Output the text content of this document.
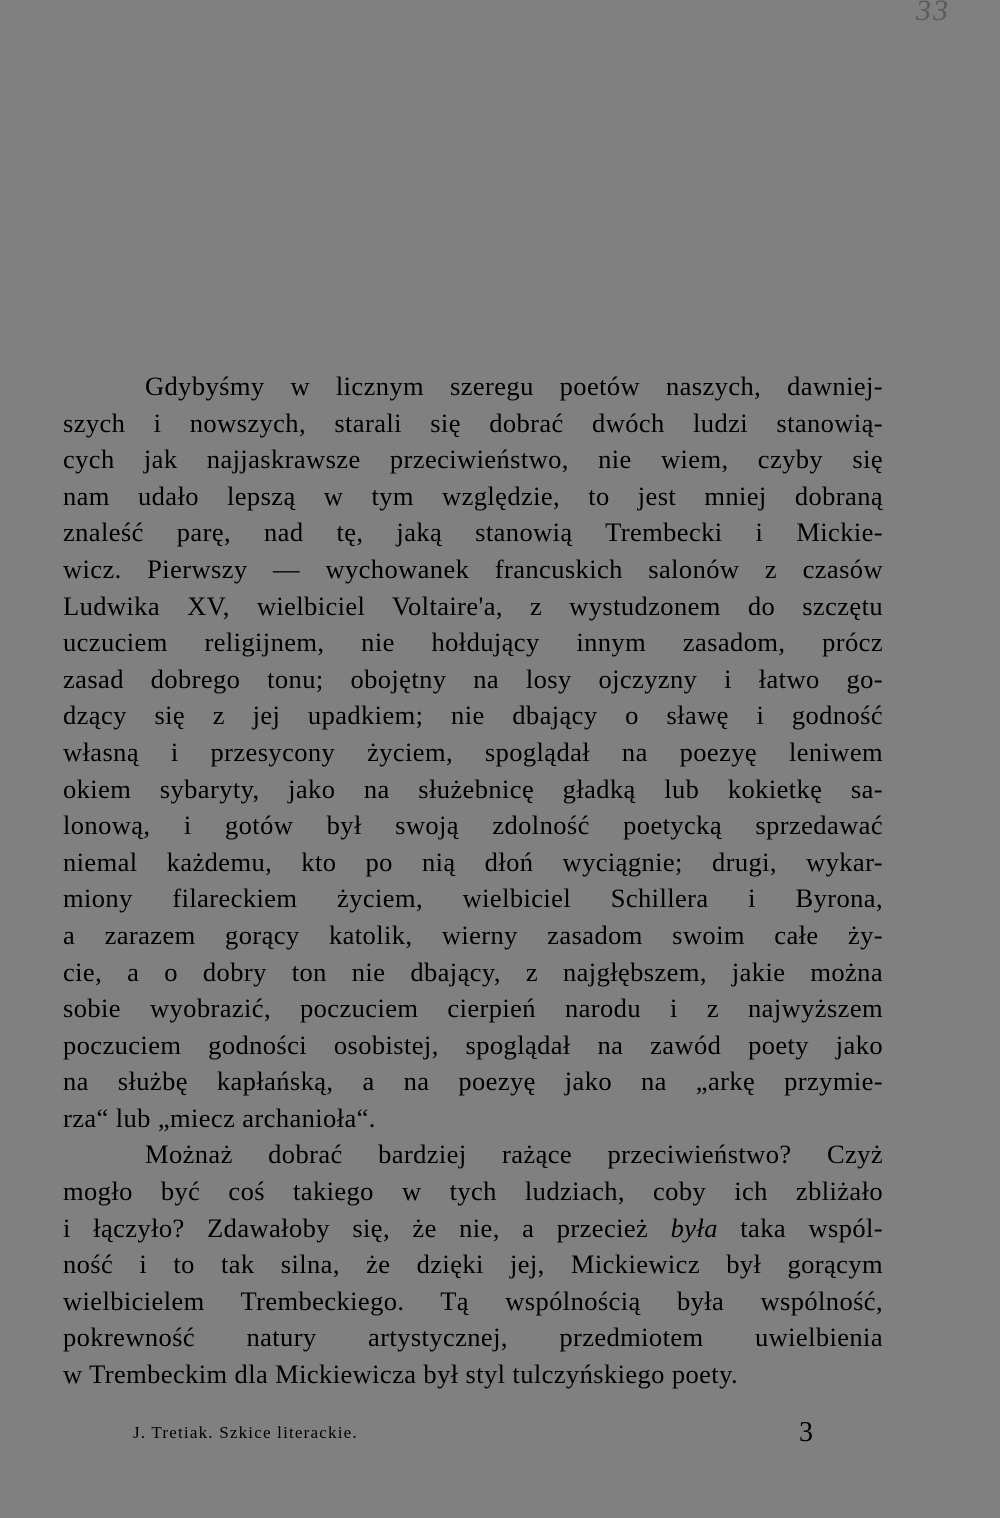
33
Gdybyśmy w licznym szeregu poetów naszych, dawniej-
szych i nowszych, starali się dobrać dwóch ludzi stanowią-
cych jak najjaskrawsze przeciwieństwo, nie wiem, czyby się
nam udało lepszą w tym względzie, to jest mniej dobraną
znaleść parę, nad tę, jaką stanowią Trembecki i Mickie-
wicz. Pierwszy — wychowanek francuskich salonów z czasów
Ludwika XV, wielbiciel Voltaire'a, z wystudzonem do szczętu
uczuciem religijnem, nie hołdujący innym zasadom, prócz
zasad dobrego tonu; obojętny na losy ojczyzny i łatwo go-
dzący się z jej upadkiem; nie dbający o sławę i godność
własną i przesycony życiem, spoglądał na poezyę leniwem
okiem sybaryty, jako na służebnicę gładką lub kokietkę sa-
lonową, i gotów był swoją zdolność poetycką sprzedawać
niemal każdemu, kto po nią dłoń wyciągnie; drugi, wykar-
miony filareckiem życiem, wielbiciel Schillera i Byrona,
a zarazem gorący katolik, wierny zasadom swoim całe ży-
cie, a o dobry ton nie dbający, z najgłębszem, jakie można
sobie wyobrazić, poczuciem cierpień narodu i z najwyższem
poczuciem godności osobistej, spoglądał na zawód poety jako
na służbę kapłańską, a na poezyę jako na „arkę przymie-
rza“ lub „miecz archanioła“.
Możnaż dobrać bardziej rażące przeciwieństwo? Czyż
mogło być coś takiego w tych ludziach, coby ich zbliżało
i łączyło? Zdawałoby się, że nie, a przecież była taka wspól-
ność i to tak silna, że dzięki jej, Mickiewicz był gorącym
wielbicielem Trembeckiego. Tą wspólnością była wspólność,
pokrewność natury artystycznej, przedmiotem uwielbienia
w Trembeckim dla Mickiewicza był styl tulczyńskiego poety.
J. Tretiak. Szkice literackie.	3
